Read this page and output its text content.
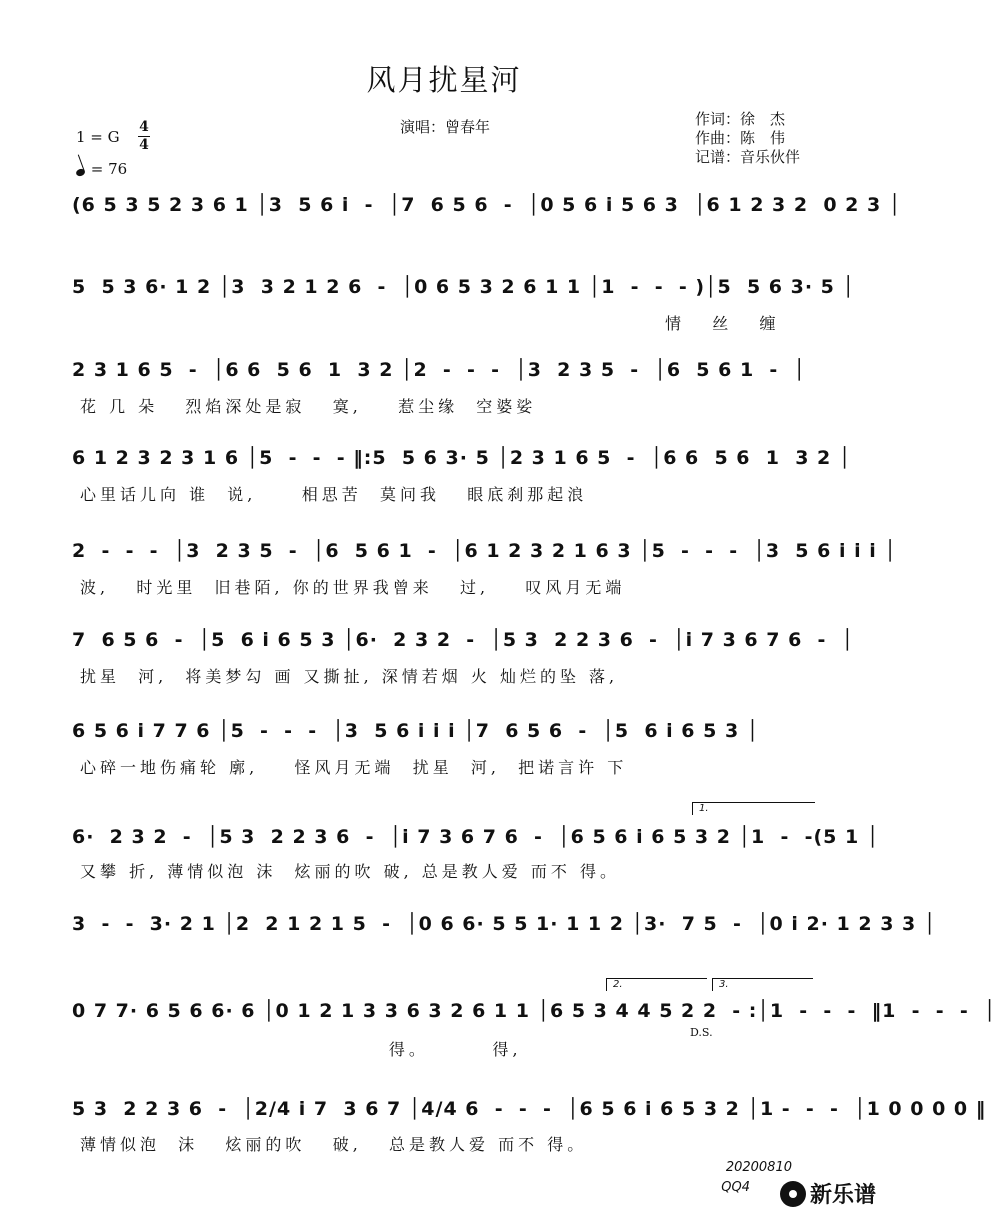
风月扰星河
演唱：曾春年	作词：徐　杰
作曲：陈　伟
记谱：音乐伙伴
1 = G
4
4
= 76
(6 5 3 5 2 3 6 1 │3  5 6 i  -  │7  6 5 6  -  │0 5 6 i 5 6 3  │6 1 2 3 2  0 2 3 │
5  5 3 6· 1 2 │3  3 2 1 2 6  -  │0 6 5 3 2 6 1 1 │1  -  -  - )│5  5 6 3· 5 │
情   丝   缠
2 3 1 6 5  -  │6 6  5 6  1  3 2 │2  -  -  -  │3  2 3 5  -  │6  5 6 1  -  │
花 几 朵   烈焰深处是寂   寞,    惹尘缘  空婆娑
6 1 2 3 2 3 1 6 │5  -  -  - ‖:5  5 6 3· 5 │2 3 1 6 5  -  │6 6  5 6  1  3 2 │
心里话儿向 谁  说,     相思苦  莫问我   眼底刹那起浪
2  -  -  -  │3  2 3 5  -  │6  5 6 1  -  │6 1 2 3 2 1 6 3 │5  -  -  -  │3  5 6 i i i │
波,   时光里  旧巷陌, 你的世界我曾来   过,    叹风月无端
7  6 5 6  -  │5  6 i 6 5 3 │6·  2 3 2  -  │5 3  2 2 3 6  -  │i 7 3 6 7 6  -  │
扰星  河,  将美梦勾 画 又撕扯, 深情若烟 火 灿烂的坠 落,
6 5 6 i 7 7 6 │5  -  -  -  │3  5 6 i i i │7  6 5 6  -  │5  6 i 6 5 3 │
心碎一地伤痛轮 廓,    怪风月无端  扰星  河,  把诺言许 下
1.
6·  2 3 2  -  │5 3  2 2 3 6  -  │i 7 3 6 7 6  -  │6 5 6 i 6 5 3 2 │1  -  -(5 1 │
又攀 折, 薄情似泡 沫  炫丽的吹 破, 总是教人爱 而不 得。
3  -  -  3· 2 1 │2  2 1 2 1 5  -  │0 6 6· 5 5 1· 1 1 2 │3·  7 5  -  │0 i 2· 1 2 3 3 │
2.	3.
0 7 7· 6 5 6 6· 6 │0 1 2 1 3 3 6 3 2 6 1 1 │6 5 3 4 4 5 2 2  - :│1  -  -  -  ‖1  -  -  -  │
D.S.
得。       得,
5 3  2 2 3 6  -  │2/4 i 7  3 6 7 │4/4 6  -  -  -  │6 5 6 i 6 5 3 2 │1 -  -  -  │1 0 0 0 0 ‖
薄情似泡  沫   炫丽的吹   破,   总是教人爱 而不 得。
20200810
QQ4	新乐谱
